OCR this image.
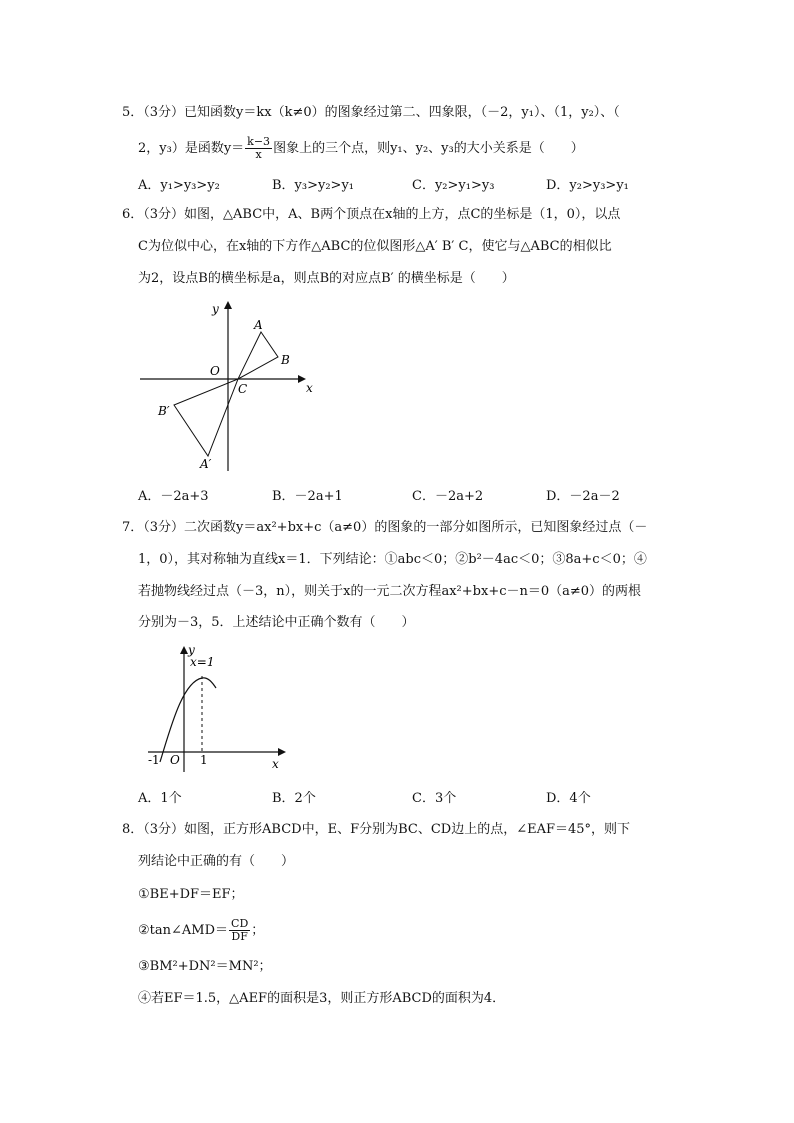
5．（3分）已知函数y＝kx（k≠0）的图象经过第二、四象限，（－2，y₁）、（1，y₂）、（
2，y₃）是函数$y= \frac{k-3}{x}$ 图象上的三个点，则y₁、y₂、y₃的大小关系是（　　）
A．y₁>y₃>y₂	B．y₃>y₂>y₁	C．y₂>y₁>y₃	D．y₂>y₃>y₁
6．（3分）如图，△ABC中，A、B两个顶点在x轴的上方，点C的坐标是（1，0），以点
C为位似中心，在x轴的下方作△ABC的位似图形△A′ B′ C，使它与△ABC的相似比
为2，设点B的横坐标是a，则点B的对应点B′ 的横坐标是（　　）
y
x
O
A
B
C
B′
A′
A．－2a+3	B．－2a+1	C．－2a+2	D．－2a－2
7．（3分）二次函数y＝ax²+bx+c（a≠0）的图象的一部分如图所示，已知图象经过点（－
1，0），其对称轴为直线x＝1．下列结论：①abc＜0；②b²－4ac＜0；③8a+c＜0；④
若抛物线经过点（－3，n），则关于x的一元二次方程ax²+bx+c－n＝0（a≠0）的两根
分别为－3，5．上述结论中正确个数有（　　）
y
x=1
x
O
-1	1
A．1个	B．2个	C．3个	D．4个
8．（3分）如图，正方形ABCD中，E、F分别为BC、CD边上的点，∠EAF＝45°，则下
列结论中正确的有（　　）
①BE+DF＝EF；
②tan∠AMD＝ $\frac{CD}{DF}$ ；
③BM²+DN²＝MN²；
④若EF＝1.5，△AEF的面积是3，则正方形ABCD的面积为4．
